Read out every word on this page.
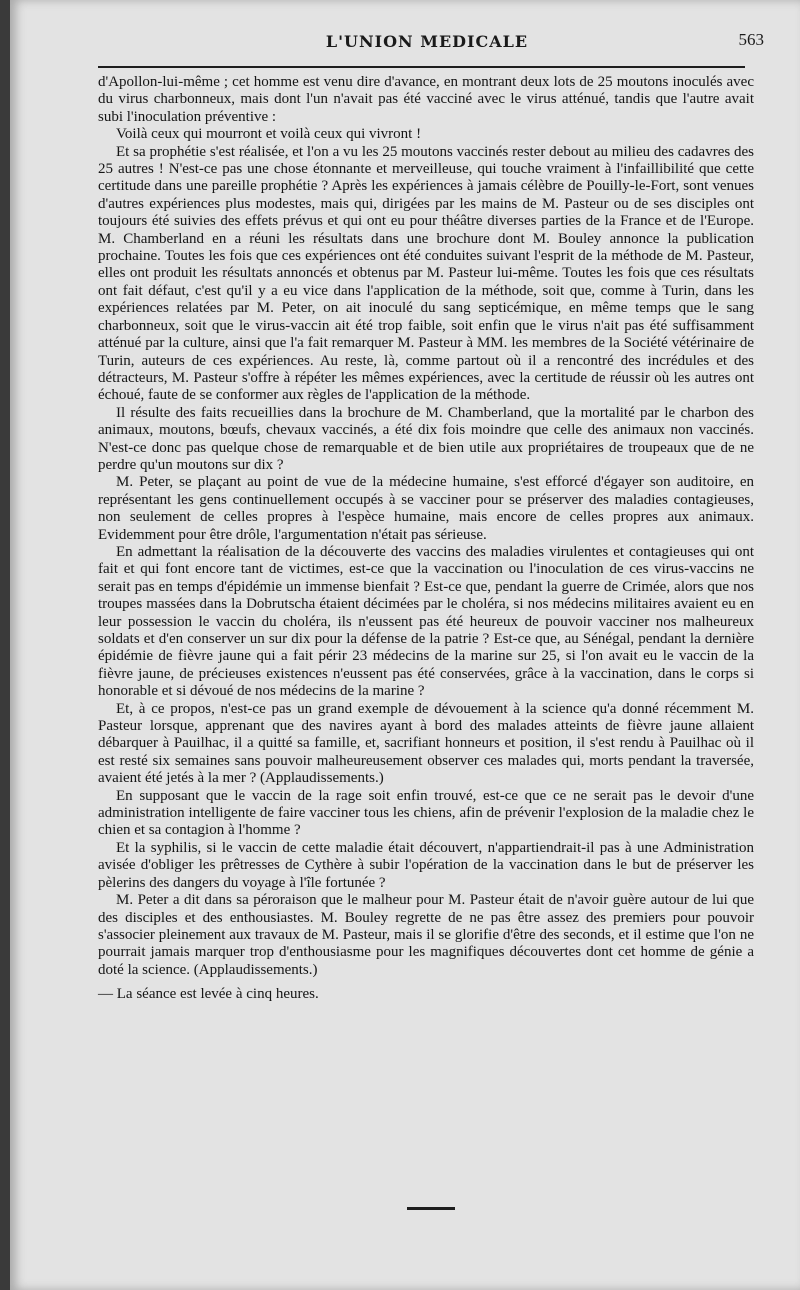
L'UNION MEDICALE	563

d'Apollon-lui-même ; cet homme est venu dire d'avance, en montrant deux lots de 25 moutons inoculés avec du virus charbonneux, mais dont l'un n'avait pas été vacciné avec le virus atténué, tandis que l'autre avait subi l'inoculation préventive :

Voilà ceux qui mourront et voilà ceux qui vivront !

Et sa prophétie s'est réalisée, et l'on a vu les 25 moutons vaccinés rester debout au milieu des cadavres des 25 autres ! N'est-ce pas une chose étonnante et merveilleuse, qui touche vraiment à l'infaillibilité que cette certitude dans une pareille prophétie ? Après les expériences à jamais célèbre de Pouilly-le-Fort, sont venues d'autres expériences plus modestes, mais qui, dirigées par les mains de M. Pasteur ou de ses disciples ont toujours été suivies des effets prévus et qui ont eu pour théâtre diverses parties de la France et de l'Europe. M. Chamberland en a réuni les résultats dans une brochure dont M. Bouley annonce la publication prochaine. Toutes les fois que ces expériences ont été conduites suivant l'esprit de la méthode de M. Pasteur, elles ont produit les résultats annoncés et obtenus par M. Pasteur lui-même. Toutes les fois que ces résultats ont fait défaut, c'est qu'il y a eu vice dans l'application de la méthode, soit que, comme à Turin, dans les expériences relatées par M. Peter, on ait inoculé du sang septicémique, en même temps que le sang charbonneux, soit que le virus-vaccin ait été trop faible, soit enfin que le virus n'ait pas été suffisamment atténué par la culture, ainsi que l'a fait remarquer M. Pasteur à MM. les membres de la Société vétérinaire de Turin, auteurs de ces expériences. Au reste, là, comme partout où il a rencontré des incrédules et des détracteurs, M. Pasteur s'offre à répéter les mêmes expériences, avec la certitude de réussir où les autres ont échoué, faute de se conformer aux règles de l'application de la méthode.

Il résulte des faits recueillies dans la brochure de M. Chamberland, que la mortalité par le charbon des animaux, moutons, bœufs, chevaux vaccinés, a été dix fois moindre que celle des animaux non vaccinés. N'est-ce donc pas quelque chose de remarquable et de bien utile aux propriétaires de troupeaux que de ne perdre qu'un moutons sur dix ?

M. Peter, se plaçant au point de vue de la médecine humaine, s'est efforcé d'égayer son auditoire, en représentant les gens continuellement occupés à se vacciner pour se préserver des maladies contagieuses, non seulement de celles propres à l'espèce humaine, mais encore de celles propres aux animaux. Evidemment pour être drôle, l'argumentation n'était pas sérieuse.

En admettant la réalisation de la découverte des vaccins des maladies virulentes et contagieuses qui ont fait et qui font encore tant de victimes, est-ce que la vaccination ou l'inoculation de ces virus-vaccins ne serait pas en temps d'épidémie un immense bienfait ? Est-ce que, pendant la guerre de Crimée, alors que nos troupes massées dans la Dobrutscha étaient décimées par le choléra, si nos médecins militaires avaient eu en leur possession le vaccin du choléra, ils n'eussent pas été heureux de pouvoir vacciner nos malheureux soldats et d'en conserver un sur dix pour la défense de la patrie ? Est-ce que, au Sénégal, pendant la dernière épidémie de fièvre jaune qui a fait périr 23 médecins de la marine sur 25, si l'on avait eu le vaccin de la fièvre jaune, de précieuses existences n'eussent pas été conservées, grâce à la vaccination, dans le corps si honorable et si dévoué de nos médecins de la marine ?

Et, à ce propos, n'est-ce pas un grand exemple de dévouement à la science qu'a donné récemment M. Pasteur lorsque, apprenant que des navires ayant à bord des malades atteints de fièvre jaune allaient débarquer à Pauilhac, il a quitté sa famille, et, sacrifiant honneurs et position, il s'est rendu à Pauilhac où il est resté six semaines sans pouvoir malheureusement observer ces malades qui, morts pendant la traversée, avaient été jetés à la mer ? (Applaudissements.)

En supposant que le vaccin de la rage soit enfin trouvé, est-ce que ce ne serait pas le devoir d'une administration intelligente de faire vacciner tous les chiens, afin de prévenir l'explosion de la maladie chez le chien et sa contagion à l'homme ?

Et la syphilis, si le vaccin de cette maladie était découvert, n'appartiendrait-il pas à une Administration avisée d'obliger les prêtresses de Cythère à subir l'opération de la vaccination dans le but de préserver les pèlerins des dangers du voyage à l'île fortunée ?

M. Peter a dit dans sa péroraison que le malheur pour M. Pasteur était de n'avoir guère autour de lui que des disciples et des enthousiastes. M. Bouley regrette de ne pas être assez des premiers pour pouvoir s'associer pleinement aux travaux de M. Pasteur, mais il se glorifie d'être des seconds, et il estime que l'on ne pourrait jamais marquer trop d'enthousiasme pour les magnifiques découvertes dont cet homme de génie a doté la science. (Applaudissements.)

— La séance est levée à cinq heures.
